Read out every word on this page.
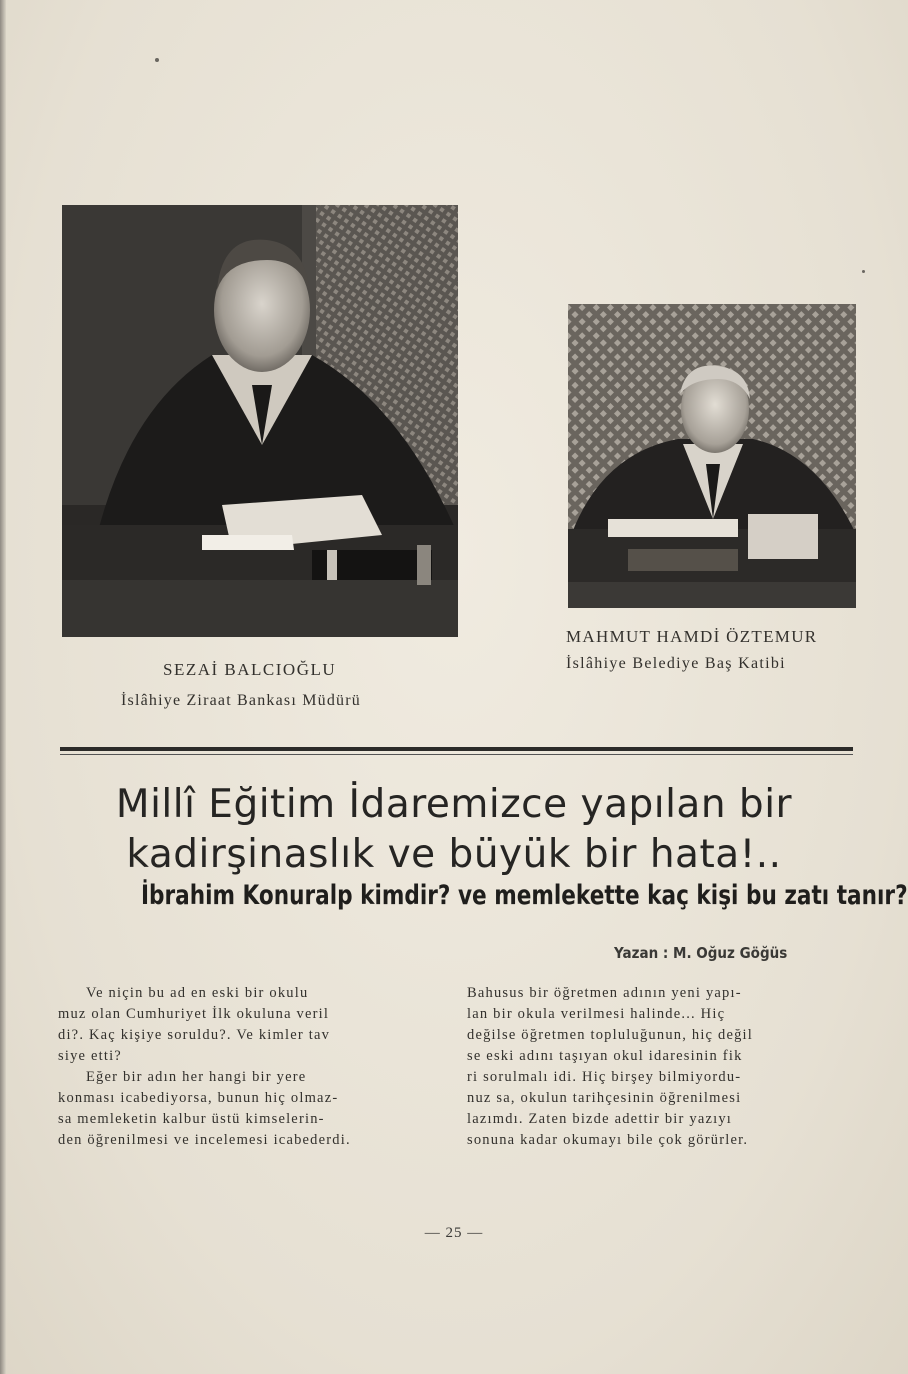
SEZAİ BALCIOĞLU
İslâhiye Ziraat Bankası Müdürü
MAHMUT HAMDİ ÖZTEMUR
İslâhiye Belediye Baş Katibi
Millî Eğitim İdaremizce yapılan bir
kadirşinaslık ve büyük bir hata!..
İbrahim Konuralp kimdir? ve memlekette kaç kişi bu zatı tanır?
Yazan : M. Oğuz Göğüs

Ve niçin bu ad en eski bir okulu

muz olan Cumhuriyet İlk okuluna veril

di?. Kaç kişiye soruldu?. Ve kimler tav

siye etti?

Eğer bir adın her hangi bir yere

konması icabediyorsa, bunun hiç olmaz-

sa memleketin kalbur üstü kimselerin-

den öğrenilmesi ve incelemesi icabederdi.

Bahusus bir öğretmen adının yeni yapı-

lan bir okula verilmesi halinde... Hiç

değilse öğretmen topluluğunun, hiç değil

se eski adını taşıyan okul idaresinin fik

ri sorulmalı idi. Hiç birşey bilmiyordu-

nuz sa, okulun tarihçesinin öğrenilmesi

lazımdı. Zaten bizde adettir bir yazıyı

sonuna kadar okumayı bile çok görürler.

— 25 —
